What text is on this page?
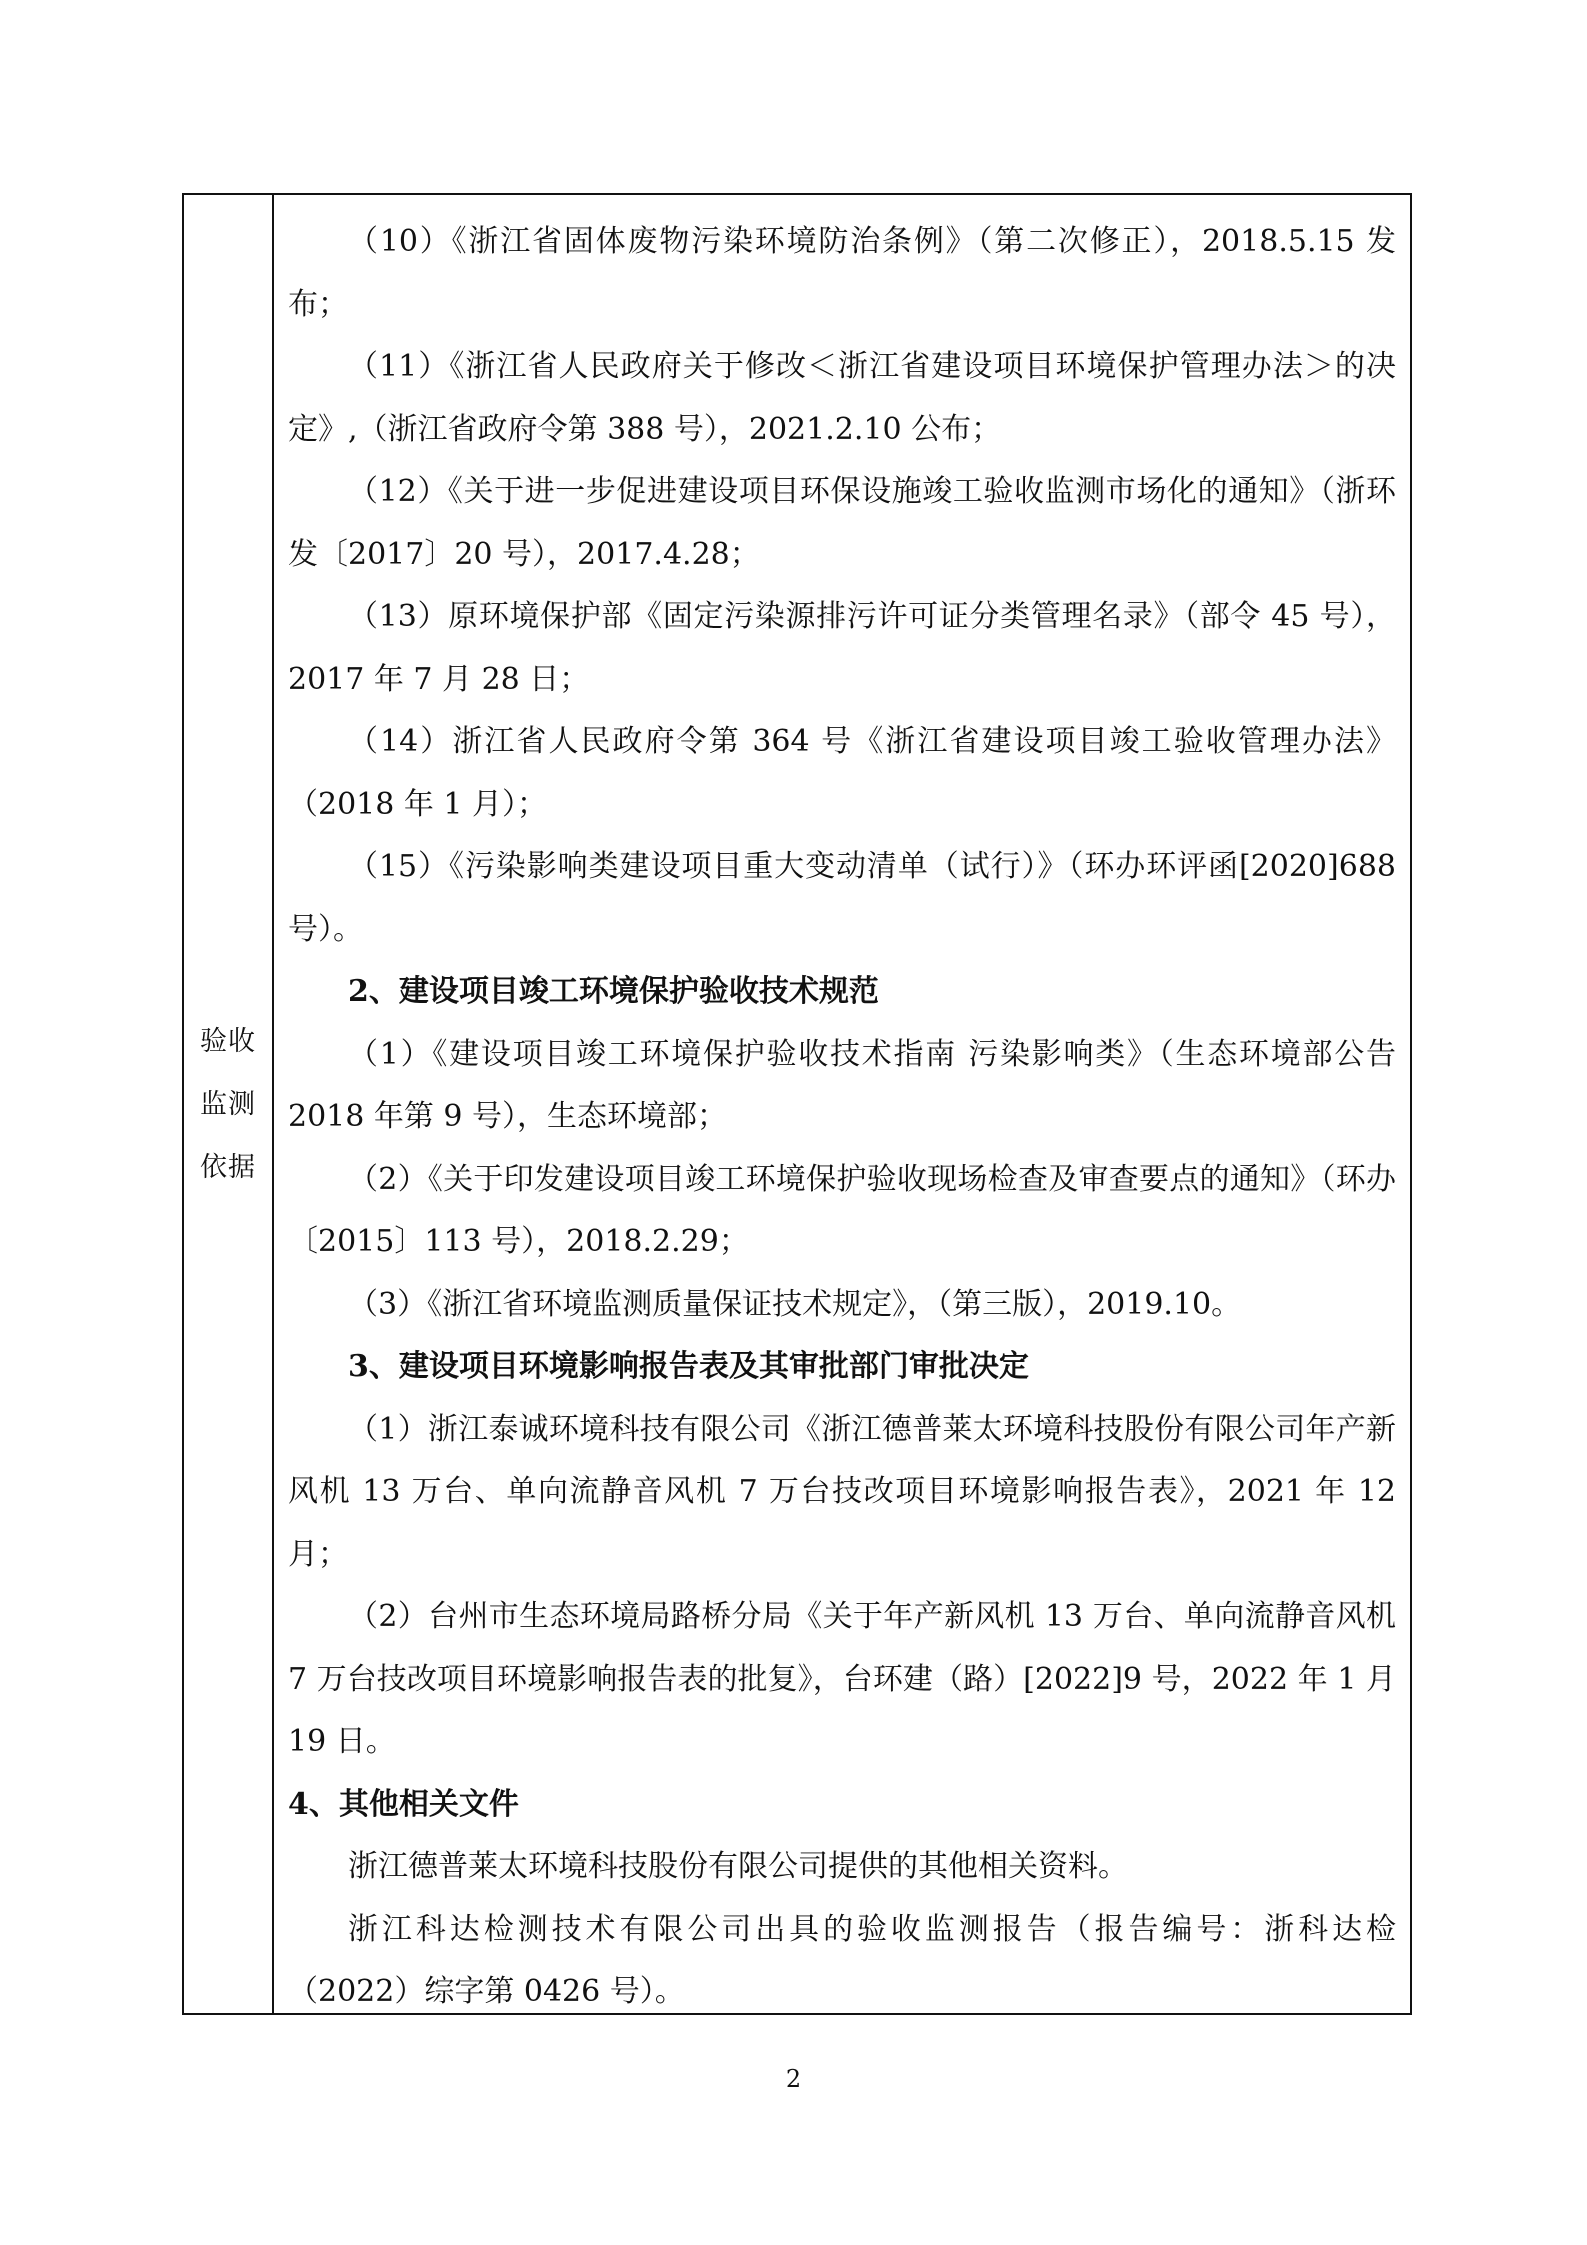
验收
监测
依据

（10）《浙江省固体废物污染环境防治条例》（第二次修正），2018.5.15 发布；

（11）《浙江省人民政府关于修改＜浙江省建设项目环境保护管理办法＞的决定》,（浙江省政府令第 388 号），2021.2.10 公布；

（12）《关于进一步促进建设项目环保设施竣工验收监测市场化的通知》（浙环发〔2017〕20 号），2017.4.28；

（13）原环境保护部《固定污染源排污许可证分类管理名录》（部令 45 号），2017 年 7 月 28 日；

（14）浙江省人民政府令第 364 号《浙江省建设项目竣工验收管理办法》（2018 年 1 月）；

（15）《污染影响类建设项目重大变动清单（试行）》（环办环评函[2020]688 号）。

2、建设项目竣工环境保护验收技术规范

（1）《建设项目竣工环境保护验收技术指南 污染影响类》（生态环境部公告 2018 年第 9 号），生态环境部；

（2）《关于印发建设项目竣工环境保护验收现场检查及审查要点的通知》（环办〔2015〕113 号），2018.2.29；

（3）《浙江省环境监测质量保证技术规定》，（第三版），2019.10。

3、建设项目环境影响报告表及其审批部门审批决定

（1）浙江泰诚环境科技有限公司《浙江德普莱太环境科技股份有限公司年产新风机 13 万台、单向流静音风机 7 万台技改项目环境影响报告表》，2021 年 12 月；

（2）台州市生态环境局路桥分局《关于年产新风机 13 万台、单向流静音风机 7 万台技改项目环境影响报告表的批复》，台环建（路）[2022]9 号，2022 年 1 月 19 日。

4、其他相关文件

浙江德普莱太环境科技股份有限公司提供的其他相关资料。

浙江科达检测技术有限公司出具的验收监测报告（报告编号：浙科达检（2022）综字第 0426 号）。

2
